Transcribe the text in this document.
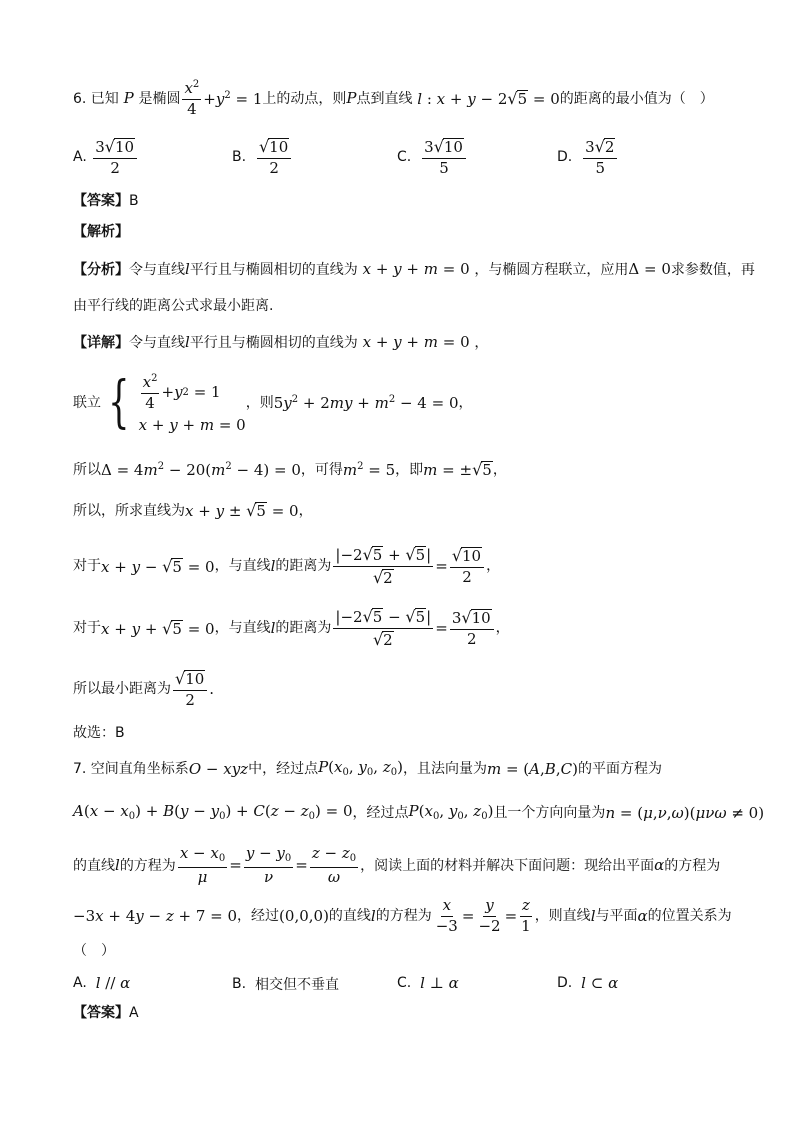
6. 已知 P 是椭圆 $\frac{x^2}{4} +y^2 = 1$ 上的动点，则 P 点到直线 l : x + y − 2 √ 5 = 0 的距离的最小值为（　）
A.
$\frac{3 √ 10}{2}$	B.
$\frac{√ 10}{2}$	C.
$\frac{3 √ 10}{5}$	D.
$\frac{3 √ 2}{5}$
【答案】 B
【解析】
【分析】 令与直线 l 平行且与椭圆相切的直线为 x + y + m = 0 ，与椭圆方程联立，应用 Δ = 0 求参数值，再
由平行线的距离公式求最小距离.
【详解】 令与直线 l 平行且与椭圆相切的直线为 x + y + m = 0 ，
联立 { $\frac{x^2}{4} + y$ 2 = 1
x + y + m = 0
，则 $5y^2 + 2my + m^2 - 4 = 0$ ，
所以 $\Delta = 4m^2 - 20(m^2 - 4) = 0$ ，可得 $m^2 = 5$ ，即 m = ± √ 5 ，
所以，所求直线为 x + y ± √ 5 = 0 ，
对于 x + y − √ 5 = 0 ，与直线 l 的距离为 $\frac{|-2 √ 5 + √ 5 |}{√ 2} = \frac{√ 10}{2}$ ，
对于 x + y + √ 5 = 0 ，与直线 l 的距离为 $\frac{|-2 √ 5 - √ 5 |}{√ 2} = \frac{3 √ 10}{2}$ ，
所以最小距离为 $\frac{√ 10}{2}$ .
故选：B
7. 空间直角坐标系 O − xyz 中，经过点 $P(x_0$, $y_0$, $z_0$) ，且法向量为 m = (A,B,C) 的平面方程为
$A(x - x_0) + B(y - y_0) + C(z - z_0) = 0$ ，经过点 $P(x_0$, $y_0$, $z_0$) 且一个方向向量为 n = (μ,ν,ω)(μνω ≠ 0)
的直线 l 的方程为 $\frac{x - x_0}{\mu} = \frac{y - y_0}{\nu} = \frac{z - z_0}{\omega}$ ，阅读上面的材料并解决下面问题：现给出平面 α 的方程为
−3x + 4y − z + 7 = 0 ，经过 (0,0,0) 的直线 l 的方程为 $\frac{x}{-3} = \frac{y}{-2} = \frac{z}{1}$ ，则直线 l 与平面 α 的位置关系为
（　）
A.
l // α	B.
相交但不垂直	C.
l ⊥ α	D.
l ⊂ α
【答案】 A
